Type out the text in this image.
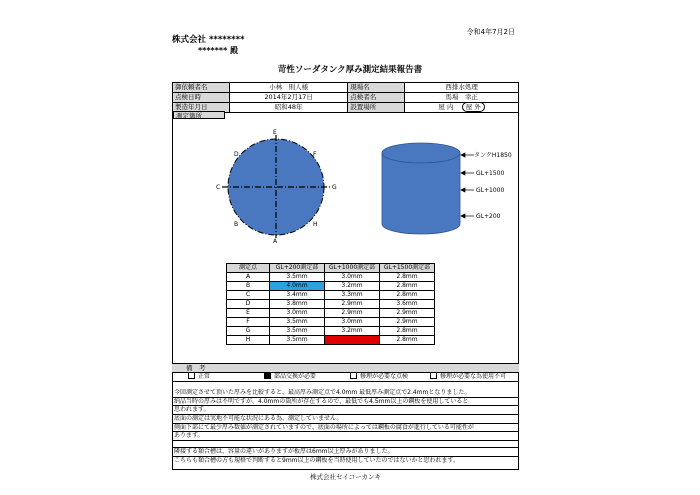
令和4年7月2日
株式会社 ********
******* 殿
苛性ソーダタンク厚み測定結果報告書
御依頼者名	小林　則人様	現場名	西排水処理
点検日時	2014年2月17日	点検者名	馬場　幸正
製造年月日	昭和48年	設置場所	屋 内 屋 外
測定箇所
E
A
C	G
D	F
B	H
タンクH1850
GL+1500
GL+1000
GL+200
測定点	GL+200測定部	GL+1000測定部	GL+1500測定部
A	3.5mm	3.0mm	2.8mm
B	4.0mm	3.2mm	2.8mm
C	3.4mm	3.3mm	2.8mm
D	3.8mm	2.9mm	3.6mm
E	3.0mm	2.9mm	2.9mm
F	3.5mm	3.0mm	2.9mm
G	3.5mm	3.2mm	2.8mm
H	3.5mm	2.4mm	2.8mm
備　考
正常	部品交換が必要	修理が必要な点検	修理が必要な為使用不可
今回測定させて頂いた厚みを比較すると、最高厚み測定点で4.0mm 最低厚み測定点で2.4mmとなりました。
納品当時の厚みは不明ですが、4.0mmの箇所が存在するので、最低でも4.5mm以上の鋼板を使用していると
思われます。
底面の測定は実地不可能な状況にある為、測定していません。
側面下部にて最少厚み数値が測定されていますので、底面の場所によっては鋼板の腐食が進行している可能性が
あります。
隣接する類合槽は、容量の違いがありますが板厚は6mm以上厚みがありました。
こちらも類合槽の方も規格で判断すると9mm以上の鋼板を当時使用していたのではないかと思われます。
株式会社セイコーカンキ
